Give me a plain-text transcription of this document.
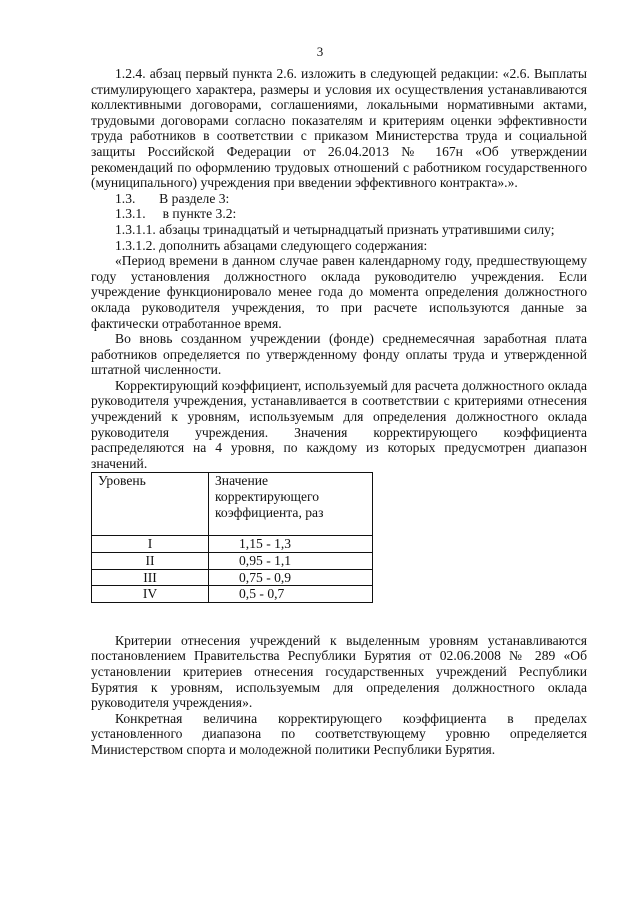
3

1.2.4. абзац первый пункта 2.6. изложить в следующей редакции: «2.6. Выплаты стимулирующего характера, размеры и условия их осуществления устанавливаются коллективными договорами, соглашениями, локальными нормативными актами, трудовыми договорами согласно показателям и критериям оценки эффективности труда работников в соответствии с приказом Министерства труда и социальной защиты Российской Федерации от 26.04.2013 № 167н «Об утверждении рекомендаций по оформлению трудовых отношений с работником государственного (муниципального) учреждения при введении эффективного контракта».».

1.3.       В разделе 3:

1.3.1.     в пункте 3.2:

1.3.1.1. абзацы тринадцатый и четырнадцатый признать утратившими силу;

1.3.1.2. дополнить абзацами следующего содержания:

«Период времени в данном случае равен календарному году, предшествующему году установления должностного оклада руководителю учреждения. Если учреждение функционировало менее года до момента определения должностного оклада руководителя учреждения, то при расчете используются данные за фактически отработанное время.

Во вновь созданном учреждении (фонде) среднемесячная заработная плата работников определяется по утвержденному фонду оплаты труда и утвержденной штатной численности.

Корректирующий коэффициент, используемый для расчета должностного оклада руководителя учреждения, устанавливается в соответствии с критериями отнесения учреждений к уровням, используемым для определения должностного оклада руководителя учреждения. Значения корректирующего коэффициента распределяются на 4 уровня, по каждому из которых предусмотрен диапазон значений.

Уровень	Значение корректирующего коэффициента, раз
I	1,15 - 1,3
II	0,95 - 1,1
III	0,75 - 0,9
IV	0,5 - 0,7

Критерии отнесения учреждений к выделенным уровням устанавливаются постановлением Правительства Республики Бурятия от 02.06.2008 № 289 «Об установлении критериев отнесения государственных учреждений Республики Бурятия к уровням, используемым для определения должностного оклада руководителя учреждения».

Конкретная величина корректирующего коэффициента в пределах установленного диапазона по соответствующему уровню определяется Министерством спорта и молодежной политики Республики Бурятия.
